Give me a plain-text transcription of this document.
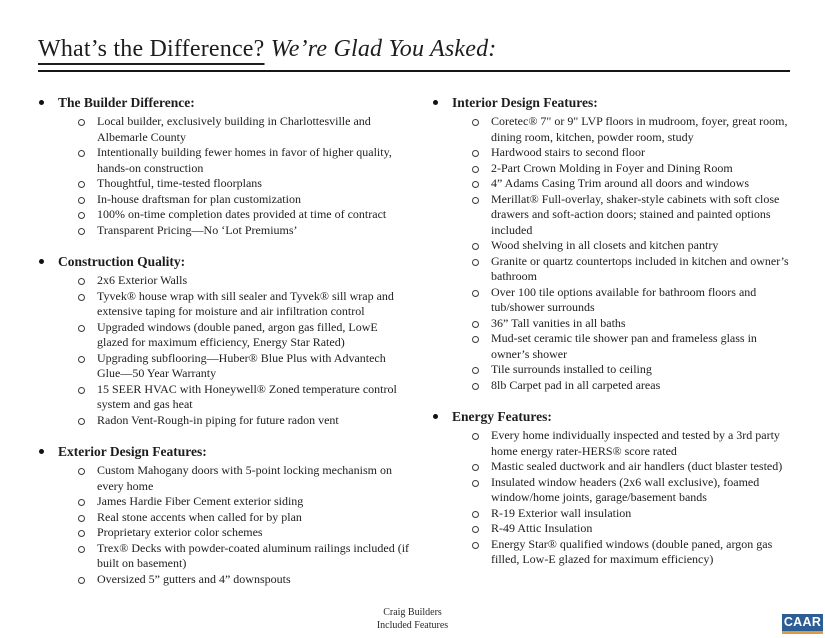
What’s the Difference? We’re Glad You Asked:
The Builder Difference:
Local builder, exclusively building in Charlottesville and Albemarle County
Intentionally building fewer homes in favor of higher quality, hands-on construction
Thoughtful, time-tested floorplans
In-house draftsman for plan customization
100% on-time completion dates provided at time of contract
Transparent Pricing—No ‘Lot Premiums’
Construction Quality:
2x6 Exterior Walls
Tyvek® house wrap with sill sealer and Tyvek® sill wrap and extensive taping for moisture and air infiltration control
Upgraded windows (double paned, argon gas filled, LowE glazed for maximum efficiency, Energy Star Rated)
Upgrading subflooring—Huber® Blue Plus with Advantech Glue—50 Year Warranty
15 SEER HVAC with Honeywell® Zoned temperature control system and gas heat
Radon Vent-Rough-in piping for future radon vent
Exterior Design Features:
Custom Mahogany doors with 5-point locking mechanism on every home
James Hardie Fiber Cement exterior siding
Real stone accents when called for by plan
Proprietary exterior color schemes
Trex® Decks with powder-coated aluminum railings included (if built on basement)
Oversized 5” gutters and 4” downspouts
Interior Design Features:
Coretec® 7" or 9" LVP floors in mudroom, foyer, great room, dining room, kitchen, powder room, study
Hardwood stairs to second floor
2-Part Crown Molding in Foyer and Dining Room
4” Adams Casing Trim around all doors and windows
Merillat® Full-overlay, shaker-style cabinets with soft close drawers and soft-action doors; stained and painted options included
Wood shelving in all closets and kitchen pantry
Granite or quartz countertops included in kitchen and owner’s bathroom
Over 100 tile options available for bathroom floors and tub/shower surrounds
36” Tall vanities in all baths
Mud-set ceramic tile shower pan and frameless glass in owner’s shower
Tile surrounds installed to ceiling
8lb Carpet pad in all carpeted areas
Energy Features:
Every home individually inspected and tested by a 3rd party home energy rater-HERS® score rated
Mastic sealed ductwork and air handlers (duct blaster tested)
Insulated window headers (2x6 wall exclusive), foamed window/home joints, garage/basement bands
R-19 Exterior wall insulation
R-49 Attic Insulation
Energy Star® qualified windows (double paned, argon gas filled, Low-E glazed for maximum efficiency)
Craig Builders
Included Features	CAAR
